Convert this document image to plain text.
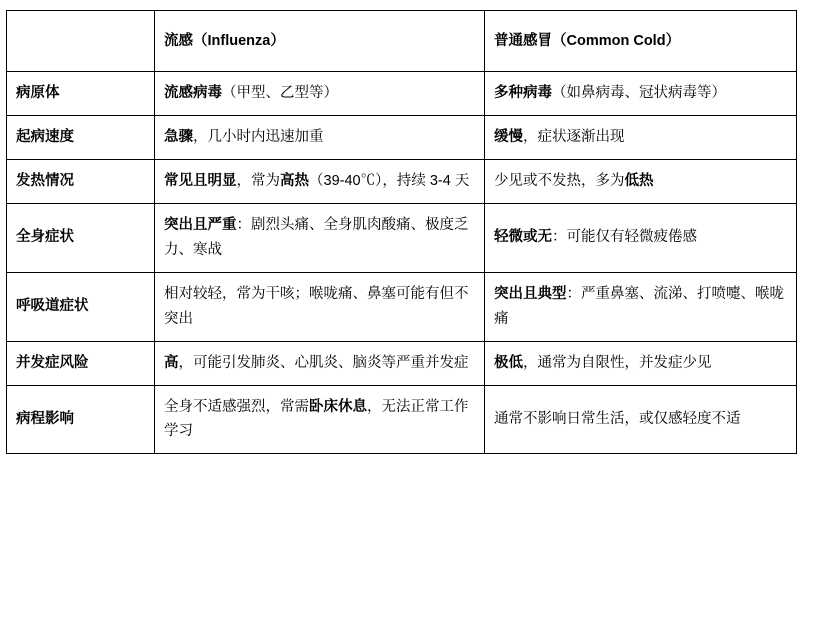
	流感（Influenza）	普通感冒（Common Cold）
病原体	流感病毒（甲型、乙型等）	多种病毒（如鼻病毒、冠状病毒等）
起病速度	急骤，几小时内迅速加重	缓慢，症状逐渐出现
发热情况	常见且明显，常为高热（39-40℃），持续 3-4 天	少见或不发热，多为低热
全身症状	突出且严重：剧烈头痛、全身肌肉酸痛、极度乏力、寒战	轻微或无：可能仅有轻微疲倦感
呼吸道症状	相对较轻，常为干咳；喉咙痛、鼻塞可能有但不突出	突出且典型：严重鼻塞、流涕、打喷嚏、喉咙痛
并发症风险	高，可能引发肺炎、心肌炎、脑炎等严重并发症	极低，通常为自限性，并发症少见
病程影响	全身不适感强烈，常需卧床休息，无法正常工作学习	通常不影响日常生活，或仅感轻度不适
